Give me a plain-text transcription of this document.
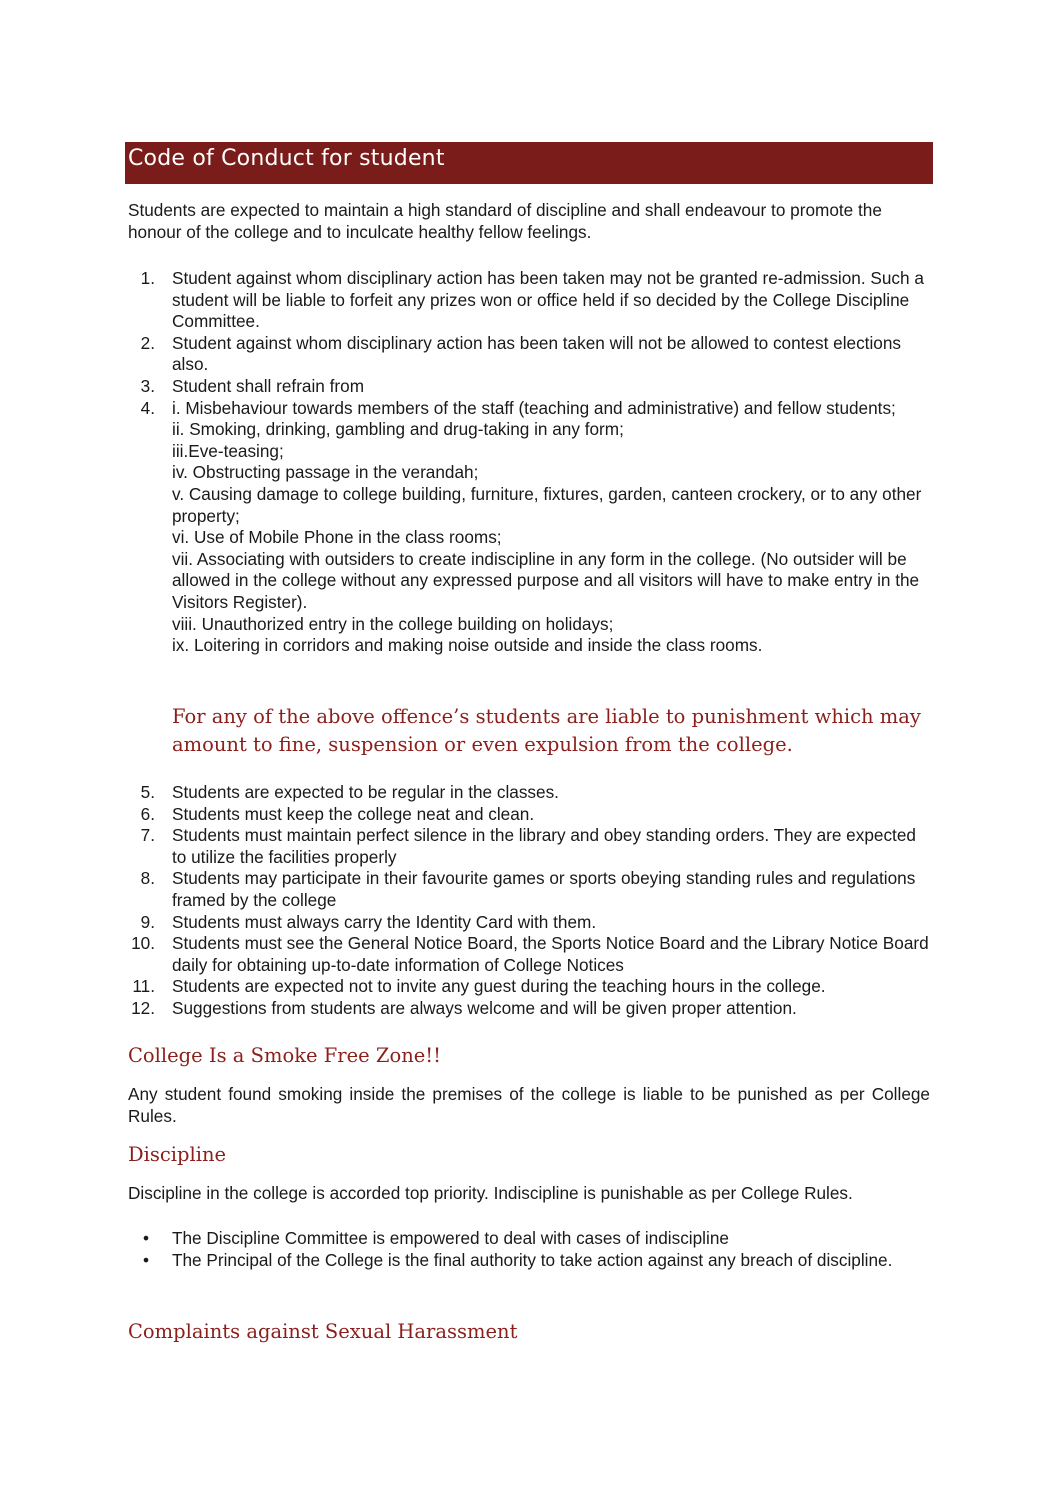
Code of Conduct for student

Students are expected to maintain a high standard of discipline and shall endeavour to promote the honour of the college and to inculcate healthy fellow feelings.

1. Student against whom disciplinary action has been taken may not be granted re-admission. Such a student will be liable to forfeit any prizes won or office held if so decided by the College Discipline Committee.
2. Student against whom disciplinary action has been taken will not be allowed to contest elections also.
3. Student shall refrain from
4. i. Misbehaviour towards members of the staff (teaching and administrative) and fellow students;
ii. Smoking, drinking, gambling and drug-taking in any form;
iii.Eve-teasing;
iv. Obstructing passage in the verandah;
v. Causing damage to college building, furniture, fixtures, garden, canteen crockery, or to any other property;
vi. Use of Mobile Phone in the class rooms;
vii. Associating with outsiders to create indiscipline in any form in the college. (No outsider will be allowed in the college without any expressed purpose and all visitors will have to make entry in the Visitors Register).
viii. Unauthorized entry in the college building on holidays;
ix. Loitering in corridors and making noise outside and inside the class rooms.

For any of the above offence’s students are liable to punishment which may amount to fine, suspension or even expulsion from the college.

5. Students are expected to be regular in the classes.
6. Students must keep the college neat and clean.
7. Students must maintain perfect silence in the library and obey standing orders. They are expected to utilize the facilities properly
8. Students may participate in their favourite games or sports obeying standing rules and regulations framed by the college
9. Students must always carry the Identity Card with them.
10. Students must see the General Notice Board, the Sports Notice Board and the Library Notice Board daily for obtaining up-to-date information of College Notices
11. Students are expected not to invite any guest during the teaching hours in the college.
12. Suggestions from students are always welcome and will be given proper attention.
College Is a Smoke Free Zone!!

Any student found smoking inside the premises of the college is liable to be punished as per College Rules.

Discipline

Discipline in the college is accorded top priority. Indiscipline is punishable as per College Rules.

• The Discipline Committee is empowered to deal with cases of indiscipline
• The Principal of the College is the final authority to take action against any breach of discipline.
Complaints against Sexual Harassment
